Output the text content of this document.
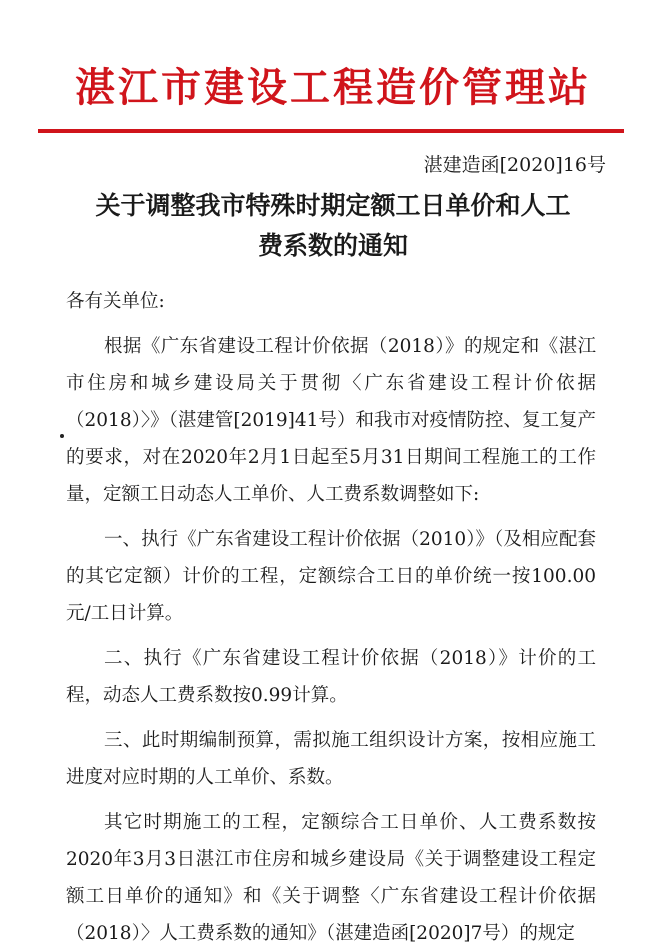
湛江市建设工程造价管理站
湛建造函[2020]16号
关于调整我市特殊时期定额工日单价和人工
费系数的通知

各有关单位:

根据《广东省建设工程计价依据（2018）》的规定和《湛江市住房和城乡建设局关于贯彻〈广东省建设工程计价依据（2018）〉》（湛建管[2019]41号）和我市对疫情防控、复工复产的要求，对在2020年2月1日起至5月31日期间工程施工的工作量，定额工日动态人工单价、人工费系数调整如下:

一、执行《广东省建设工程计价依据（2010）》（及相应配套的其它定额）计价的工程，定额综合工日的单价统一按100.00元/工日计算。

二、执行《广东省建设工程计价依据（2018）》计价的工程，动态人工费系数按0.99计算。

三、此时期编制预算，需拟施工组织设计方案，按相应施工进度对应时期的人工单价、系数。

其它时期施工的工程，定额综合工日单价、人工费系数按2020年3月3日湛江市住房和城乡建设局《关于调整建设工程定额工日单价的通知》和《关于调整〈广东省建设工程计价依据（2018）〉人工费系数的通知》（湛建造函[2020]7号）的规定
